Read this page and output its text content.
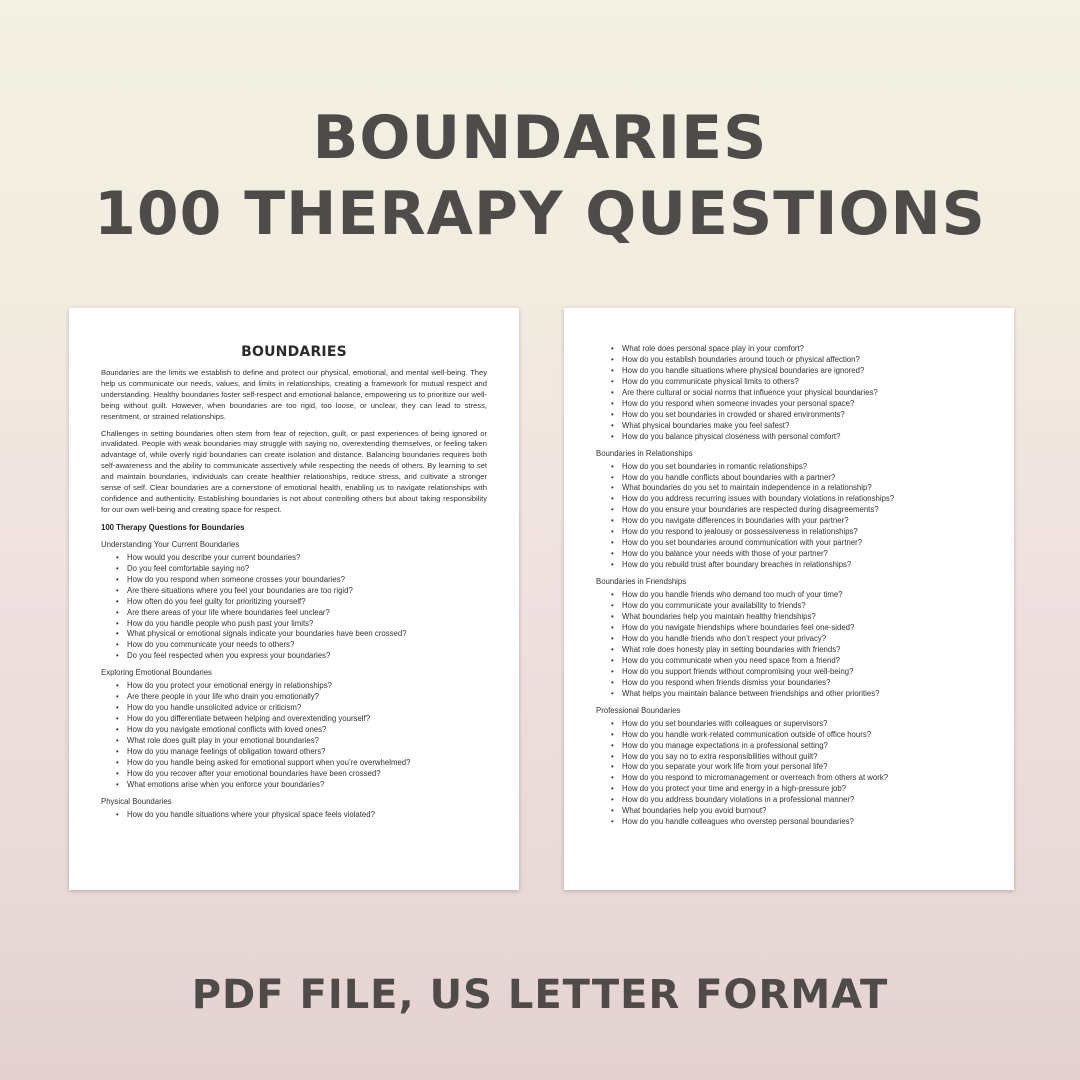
BOUNDARIES
100 THERAPY QUESTIONS
BOUNDARIES

Boundaries are the limits we establish to define and protect our physical, emotional, and mental well-being. They help us communicate our needs, values, and limits in relationships, creating a framework for mutual respect and understanding. Healthy boundaries foster self-respect and emotional balance, empowering us to prioritize our well-being without guilt. However, when boundaries are too rigid, too loose, or unclear, they can lead to stress, resentment, or strained relationships.

Challenges in setting boundaries often stem from fear of rejection, guilt, or past experiences of being ignored or invalidated. People with weak boundaries may struggle with saying no, overextending themselves, or feeling taken advantage of, while overly rigid boundaries can create isolation and distance. Balancing boundaries requires both self-awareness and the ability to communicate assertively while respecting the needs of others. By learning to set and maintain boundaries, individuals can create healthier relationships, reduce stress, and cultivate a stronger sense of self. Clear boundaries are a cornerstone of emotional health, enabling us to navigate relationships with confidence and authenticity. Establishing boundaries is not about controlling others but about taking responsibility for our own well-being and creating space for respect.

100 Therapy Questions for Boundaries
Understanding Your Current Boundaries
• How would you describe your current boundaries?
• Do you feel comfortable saying no?
• How do you respond when someone crosses your boundaries?
• Are there situations where you feel your boundaries are too rigid?
• How often do you feel guilty for prioritizing yourself?
• Are there areas of your life where boundaries feel unclear?
• How do you handle people who push past your limits?
• What physical or emotional signals indicate your boundaries have been crossed?
• How do you communicate your needs to others?
• Do you feel respected when you express your boundaries?
Exploring Emotional Boundaries
• How do you protect your emotional energy in relationships?
• Are there people in your life who drain you emotionally?
• How do you handle unsolicited advice or criticism?
• How do you differentiate between helping and overextending yourself?
• How do you navigate emotional conflicts with loved ones?
• What role does guilt play in your emotional boundaries?
• How do you manage feelings of obligation toward others?
• How do you handle being asked for emotional support when you’re overwhelmed?
• How do you recover after your emotional boundaries have been crossed?
• What emotions arise when you enforce your boundaries?
Physical Boundaries
• How do you handle situations where your physical space feels violated?
• What role does personal space play in your comfort?
• How do you establish boundaries around touch or physical affection?
• How do you handle situations where physical boundaries are ignored?
• How do you communicate physical limits to others?
• Are there cultural or social norms that influence your physical boundaries?
• How do you respond when someone invades your personal space?
• How do you set boundaries in crowded or shared environments?
• What physical boundaries make you feel safest?
• How do you balance physical closeness with personal comfort?
Boundaries in Relationships
• How do you set boundaries in romantic relationships?
• How do you handle conflicts about boundaries with a partner?
• What boundaries do you set to maintain independence in a relationship?
• How do you address recurring issues with boundary violations in relationships?
• How do you ensure your boundaries are respected during disagreements?
• How do you navigate differences in boundaries with your partner?
• How do you respond to jealousy or possessiveness in relationships?
• How do you set boundaries around communication with your partner?
• How do you balance your needs with those of your partner?
• How do you rebuild trust after boundary breaches in relationships?
Boundaries in Friendships
• How do you handle friends who demand too much of your time?
• How do you communicate your availability to friends?
• What boundaries help you maintain healthy friendships?
• How do you navigate friendships where boundaries feel one-sided?
• How do you handle friends who don’t respect your privacy?
• What role does honesty play in setting boundaries with friends?
• How do you communicate when you need space from a friend?
• How do you support friends without compromising your well-being?
• How do you respond when friends dismiss your boundaries?
• What helps you maintain balance between friendships and other priorities?
Professional Boundaries
• How do you set boundaries with colleagues or supervisors?
• How do you handle work-related communication outside of office hours?
• How do you manage expectations in a professional setting?
• How do you say no to extra responsibilities without guilt?
• How do you separate your work life from your personal life?
• How do you respond to micromanagement or overreach from others at work?
• How do you protect your time and energy in a high-pressure job?
• How do you address boundary violations in a professional manner?
• What boundaries help you avoid burnout?
• How do you handle colleagues who overstep personal boundaries?
PDF FILE, US LETTER FORMAT
